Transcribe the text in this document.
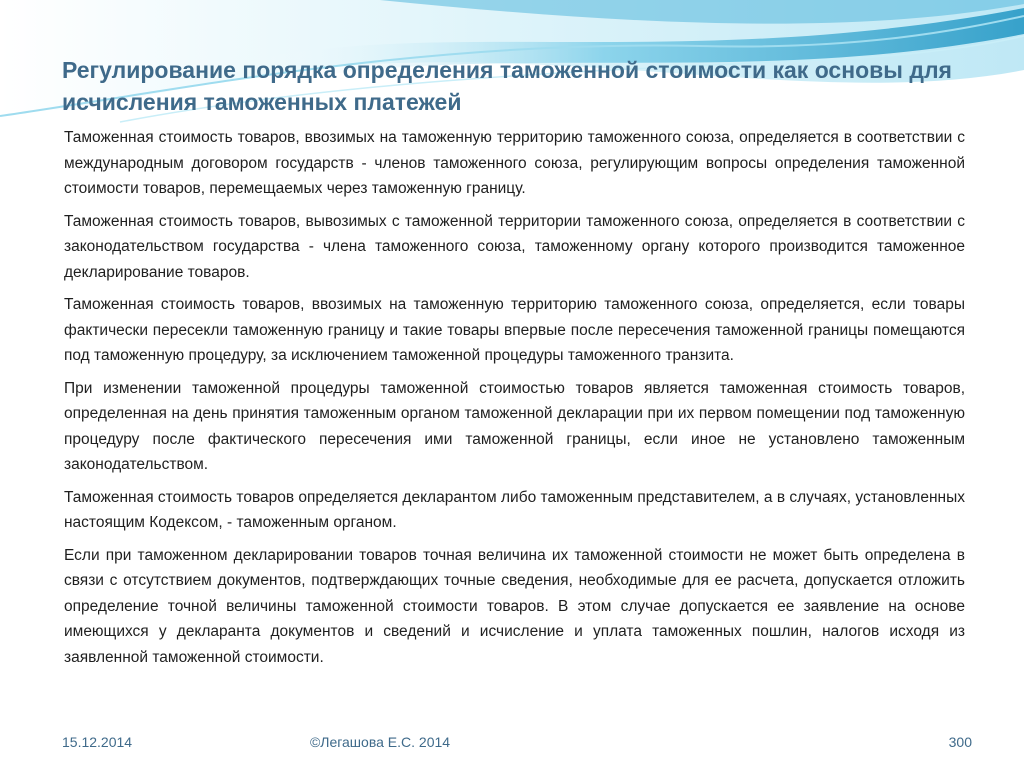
Регулирование порядка определения таможенной стоимости как основы для исчисления таможенных платежей

Таможенная стоимость товаров, ввозимых на таможенную территорию таможенного союза, определяется в соответствии с международным договором государств - членов таможенного союза, регулирующим вопросы определения таможенной стоимости товаров, перемещаемых через таможенную границу.

Таможенная стоимость товаров, вывозимых с таможенной территории таможенного союза, определяется в соответствии с законодательством государства - члена таможенного союза, таможенному органу которого производится таможенное декларирование товаров.

Таможенная стоимость товаров, ввозимых на таможенную территорию таможенного союза, определяется, если товары фактически пересекли таможенную границу и такие товары впервые после пересечения таможенной границы помещаются под таможенную процедуру, за исключением таможенной процедуры таможенного транзита.

При изменении таможенной процедуры таможенной стоимостью товаров является таможенная стоимость товаров, определенная на день принятия таможенным органом таможенной декларации при их первом помещении под таможенную процедуру после фактического пересечения ими таможенной границы, если иное не установлено таможенным законодательством.

Таможенная стоимость товаров определяется декларантом либо таможенным представителем, а в случаях, установленных настоящим Кодексом, - таможенным органом.

Если при таможенном декларировании товаров точная величина их таможенной стоимости не может быть определена в связи с отсутствием документов, подтверждающих точные сведения, необходимые для ее расчета, допускается отложить определение точной величины таможенной стоимости товаров. В этом случае допускается ее заявление на основе имеющихся у декларанта документов и сведений и исчисление и уплата таможенных пошлин, налогов исходя из заявленной таможенной стоимости.

15.12.2014	©Легашова Е.С. 2014	300
